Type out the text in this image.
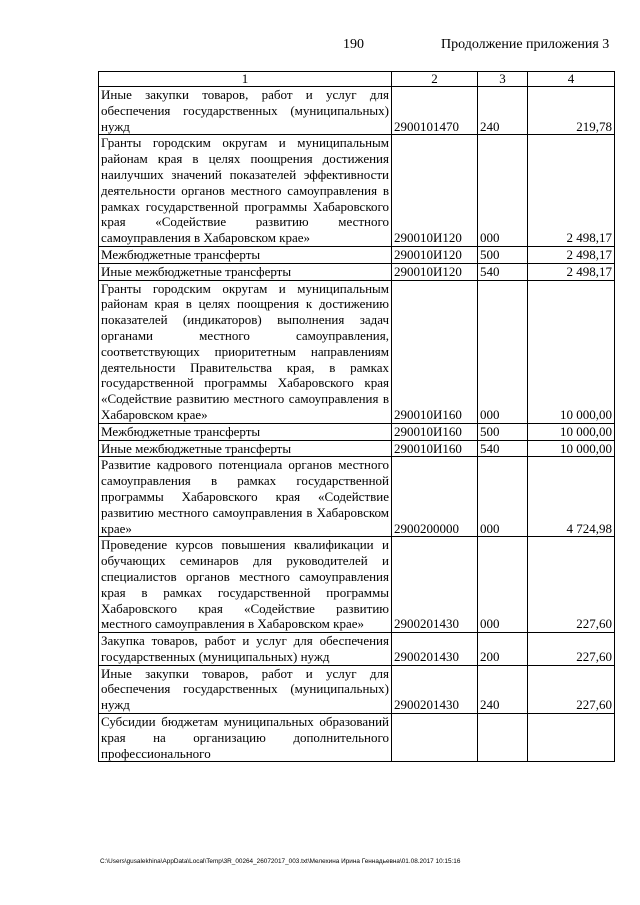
190	Продолжение приложения 3
1	2	3	4
Иные закупки товаров, работ и услуг для обеспечения государственных (муниципальных) нужд	2900101470	240	219,78
Гранты городским округам и муниципальным районам края в целях поощрения достижения наилучших значений показателей эффективности деятельности органов местного самоуправления в рамках государственной программы Хабаровского края «Содействие развитию местного самоуправления в Хабаровском крае»	290010И120	000	2 498,17
Межбюджетные трансферты	290010И120	500	2 498,17
Иные межбюджетные трансферты	290010И120	540	2 498,17
Гранты городским округам и муниципальным районам края в целях поощрения к достижению показателей (индикаторов) выполнения задач органами местного самоуправления, соответствующих приоритетным направлениям деятельности Правительства края, в рамках государственной программы Хабаровского края «Содействие развитию местного самоуправления в Хабаровском крае»	290010И160	000	10 000,00
Межбюджетные трансферты	290010И160	500	10 000,00
Иные межбюджетные трансферты	290010И160	540	10 000,00
Развитие кадрового потенциала органов местного самоуправления в рамках государственной программы Хабаровского края «Содействие развитию местного самоуправления в Хабаровском крае»	2900200000	000	4 724,98
Проведение курсов повышения квалификации и обучающих семинаров для руководителей и специалистов органов местного самоуправления края в рамках государственной программы Хабаровского края «Содействие развитию местного самоуправления в Хабаровском крае»	2900201430	000	227,60
Закупка товаров, работ и услуг для обеспечения государственных (муниципальных) нужд	2900201430	200	227,60
Иные закупки товаров, работ и услуг для обеспечения государственных (муниципальных) нужд	2900201430	240	227,60
Субсидии бюджетам муниципальных образований края на организацию дополнительного профессионального			
C:\Users\gusalekhina\AppData\Local\Temp\3R_00264_26072017_003.txt\Мелехина Ирина Геннадьевна\01.08.2017 10:15:16
